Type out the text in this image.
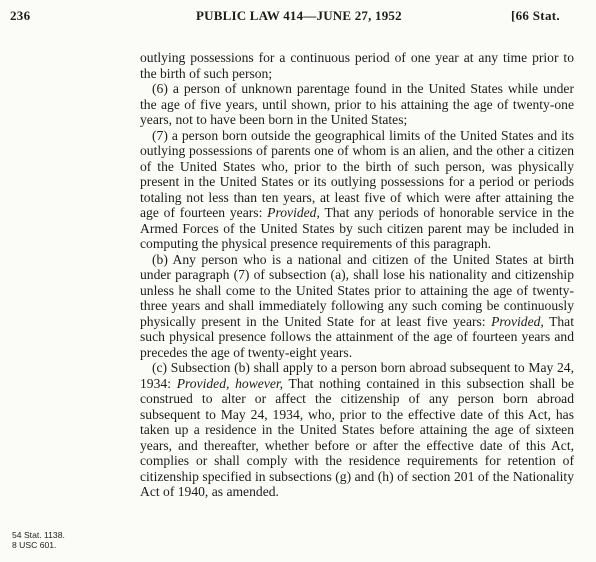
236	PUBLIC LAW 414—JUNE 27, 1952	[66 Stat.

outlying possessions for a continuous period of one year at any time prior to the birth of such person;

(6) a person of unknown parentage found in the United States while under the age of five years, until shown, prior to his attaining the age of twenty-one years, not to have been born in the United States;

(7) a person born outside the geographical limits of the United States and its outlying possessions of parents one of whom is an alien, and the other a citizen of the United States who, prior to the birth of such person, was physically present in the United States or its outlying possessions for a period or periods totaling not less than ten years, at least five of which were after attaining the age of fourteen years: Provided, That any periods of honorable service in the Armed Forces of the United States by such citizen parent may be included in computing the physical presence requirements of this paragraph.

(b) Any person who is a national and citizen of the United States at birth under paragraph (7) of subsection (a), shall lose his nationality and citizenship unless he shall come to the United States prior to attaining the age of twenty-three years and shall immediately following any such coming be continuously physically present in the United State for at least five years: Provided, That such physical presence follows the attainment of the age of fourteen years and precedes the age of twenty-eight years.

(c) Subsection (b) shall apply to a person born abroad subsequent to May 24, 1934: Provided, however, That nothing contained in this subsection shall be construed to alter or affect the citizenship of any person born abroad subsequent to May 24, 1934, who, prior to the effective date of this Act, has taken up a residence in the United States before attaining the age of sixteen years, and thereafter, whether before or after the effective date of this Act, complies or shall comply with the residence requirements for retention of citizenship specified in subsections (g) and (h) of section 201 of the Nationality Act of 1940, as amended.

54 Stat. 1138.
8 USC 601.
